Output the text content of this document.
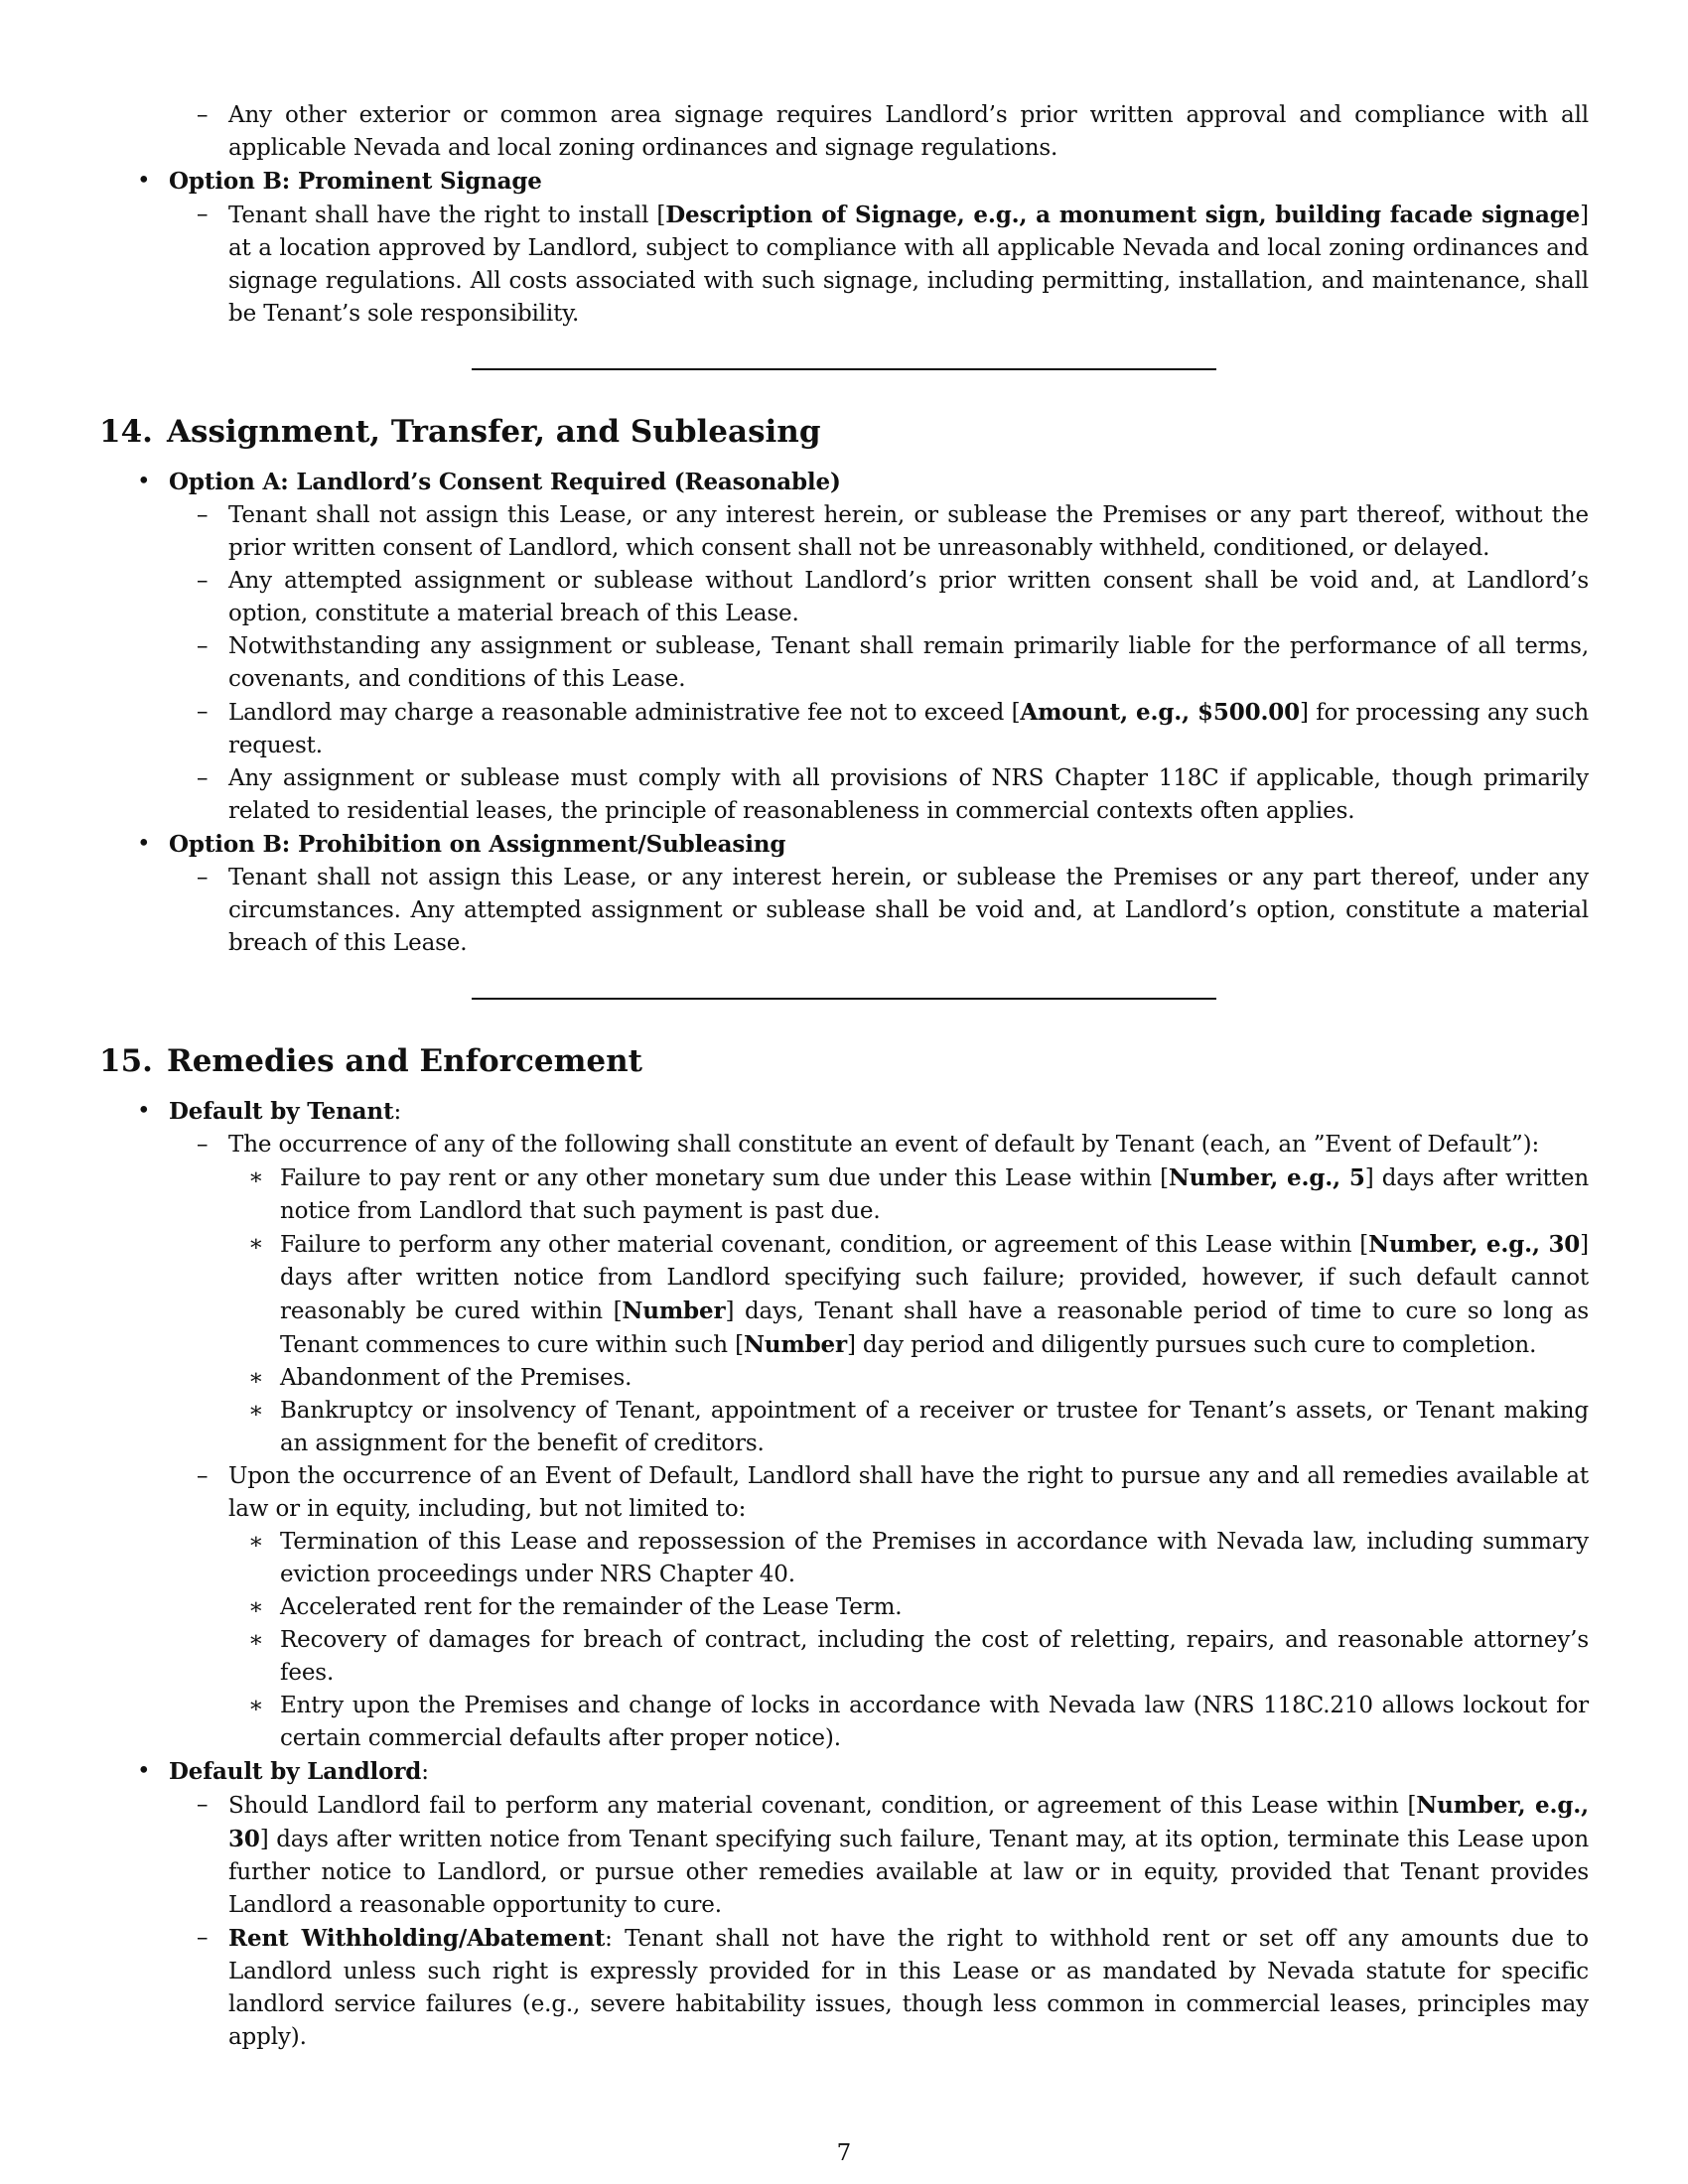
– Any other exterior or common area signage requires Landlord’s prior written approval and compliance with all applicable Nevada and local zoning ordinances and signage regulations.
• Option B: Prominent Signage
– Tenant shall have the right to install [Description of Signage, e.g., a monument sign, building facade signage] at a location approved by Landlord, subject to compliance with all applicable Nevada and local zoning ordinances and signage regulations. All costs associated with such signage, including permitting, installation, and maintenance, shall be Tenant’s sole responsibility.
14. Assignment, Transfer, and Subleasing
• Option A: Landlord’s Consent Required (Reasonable)
– Tenant shall not assign this Lease, or any interest herein, or sublease the Premises or any part thereof, without the prior written consent of Landlord, which consent shall not be unreasonably withheld, conditioned, or delayed.
– Any attempted assignment or sublease without Landlord’s prior written consent shall be void and, at Landlord’s option, constitute a material breach of this Lease.
– Notwithstanding any assignment or sublease, Tenant shall remain primarily liable for the performance of all terms, covenants, and conditions of this Lease.
– Landlord may charge a reasonable administrative fee not to exceed [Amount, e.g., $500.00] for processing any such request.
– Any assignment or sublease must comply with all provisions of NRS Chapter 118C if applicable, though primarily related to residential leases, the principle of reasonableness in commercial contexts often applies.
• Option B: Prohibition on Assignment/Subleasing
– Tenant shall not assign this Lease, or any interest herein, or sublease the Premises or any part thereof, under any circumstances. Any attempted assignment or sublease shall be void and, at Landlord’s option, constitute a material breach of this Lease.
15. Remedies and Enforcement
• Default by Tenant:
– The occurrence of any of the following shall constitute an event of default by Tenant (each, an ”Event of Default”):
∗ Failure to pay rent or any other monetary sum due under this Lease within [Number, e.g., 5] days after written notice from Landlord that such payment is past due.
∗ Failure to perform any other material covenant, condition, or agreement of this Lease within [Number, e.g., 30] days after written notice from Landlord specifying such failure; provided, however, if such default cannot reasonably be cured within [Number] days, Tenant shall have a reasonable period of time to cure so long as Tenant commences to cure within such [Number] day period and diligently pursues such cure to completion.
∗ Abandonment of the Premises.
∗ Bankruptcy or insolvency of Tenant, appointment of a receiver or trustee for Tenant’s assets, or Tenant making an assignment for the benefit of creditors.
– Upon the occurrence of an Event of Default, Landlord shall have the right to pursue any and all remedies available at law or in equity, including, but not limited to:
∗ Termination of this Lease and repossession of the Premises in accordance with Nevada law, including summary eviction proceedings under NRS Chapter 40.
∗ Accelerated rent for the remainder of the Lease Term.
∗ Recovery of damages for breach of contract, including the cost of reletting, repairs, and reasonable attorney’s fees.
∗ Entry upon the Premises and change of locks in accordance with Nevada law (NRS 118C.210 allows lockout for certain commercial defaults after proper notice).
• Default by Landlord:
– Should Landlord fail to perform any material covenant, condition, or agreement of this Lease within [Number, e.g., 30] days after written notice from Tenant specifying such failure, Tenant may, at its option, terminate this Lease upon further notice to Landlord, or pursue other remedies available at law or in equity, provided that Tenant provides Landlord a reasonable opportunity to cure.
– Rent Withholding/Abatement: Tenant shall not have the right to withhold rent or set off any amounts due to Landlord unless such right is expressly provided for in this Lease or as mandated by Nevada statute for specific landlord service failures (e.g., severe habitability issues, though less common in commercial leases, principles may apply).
7
